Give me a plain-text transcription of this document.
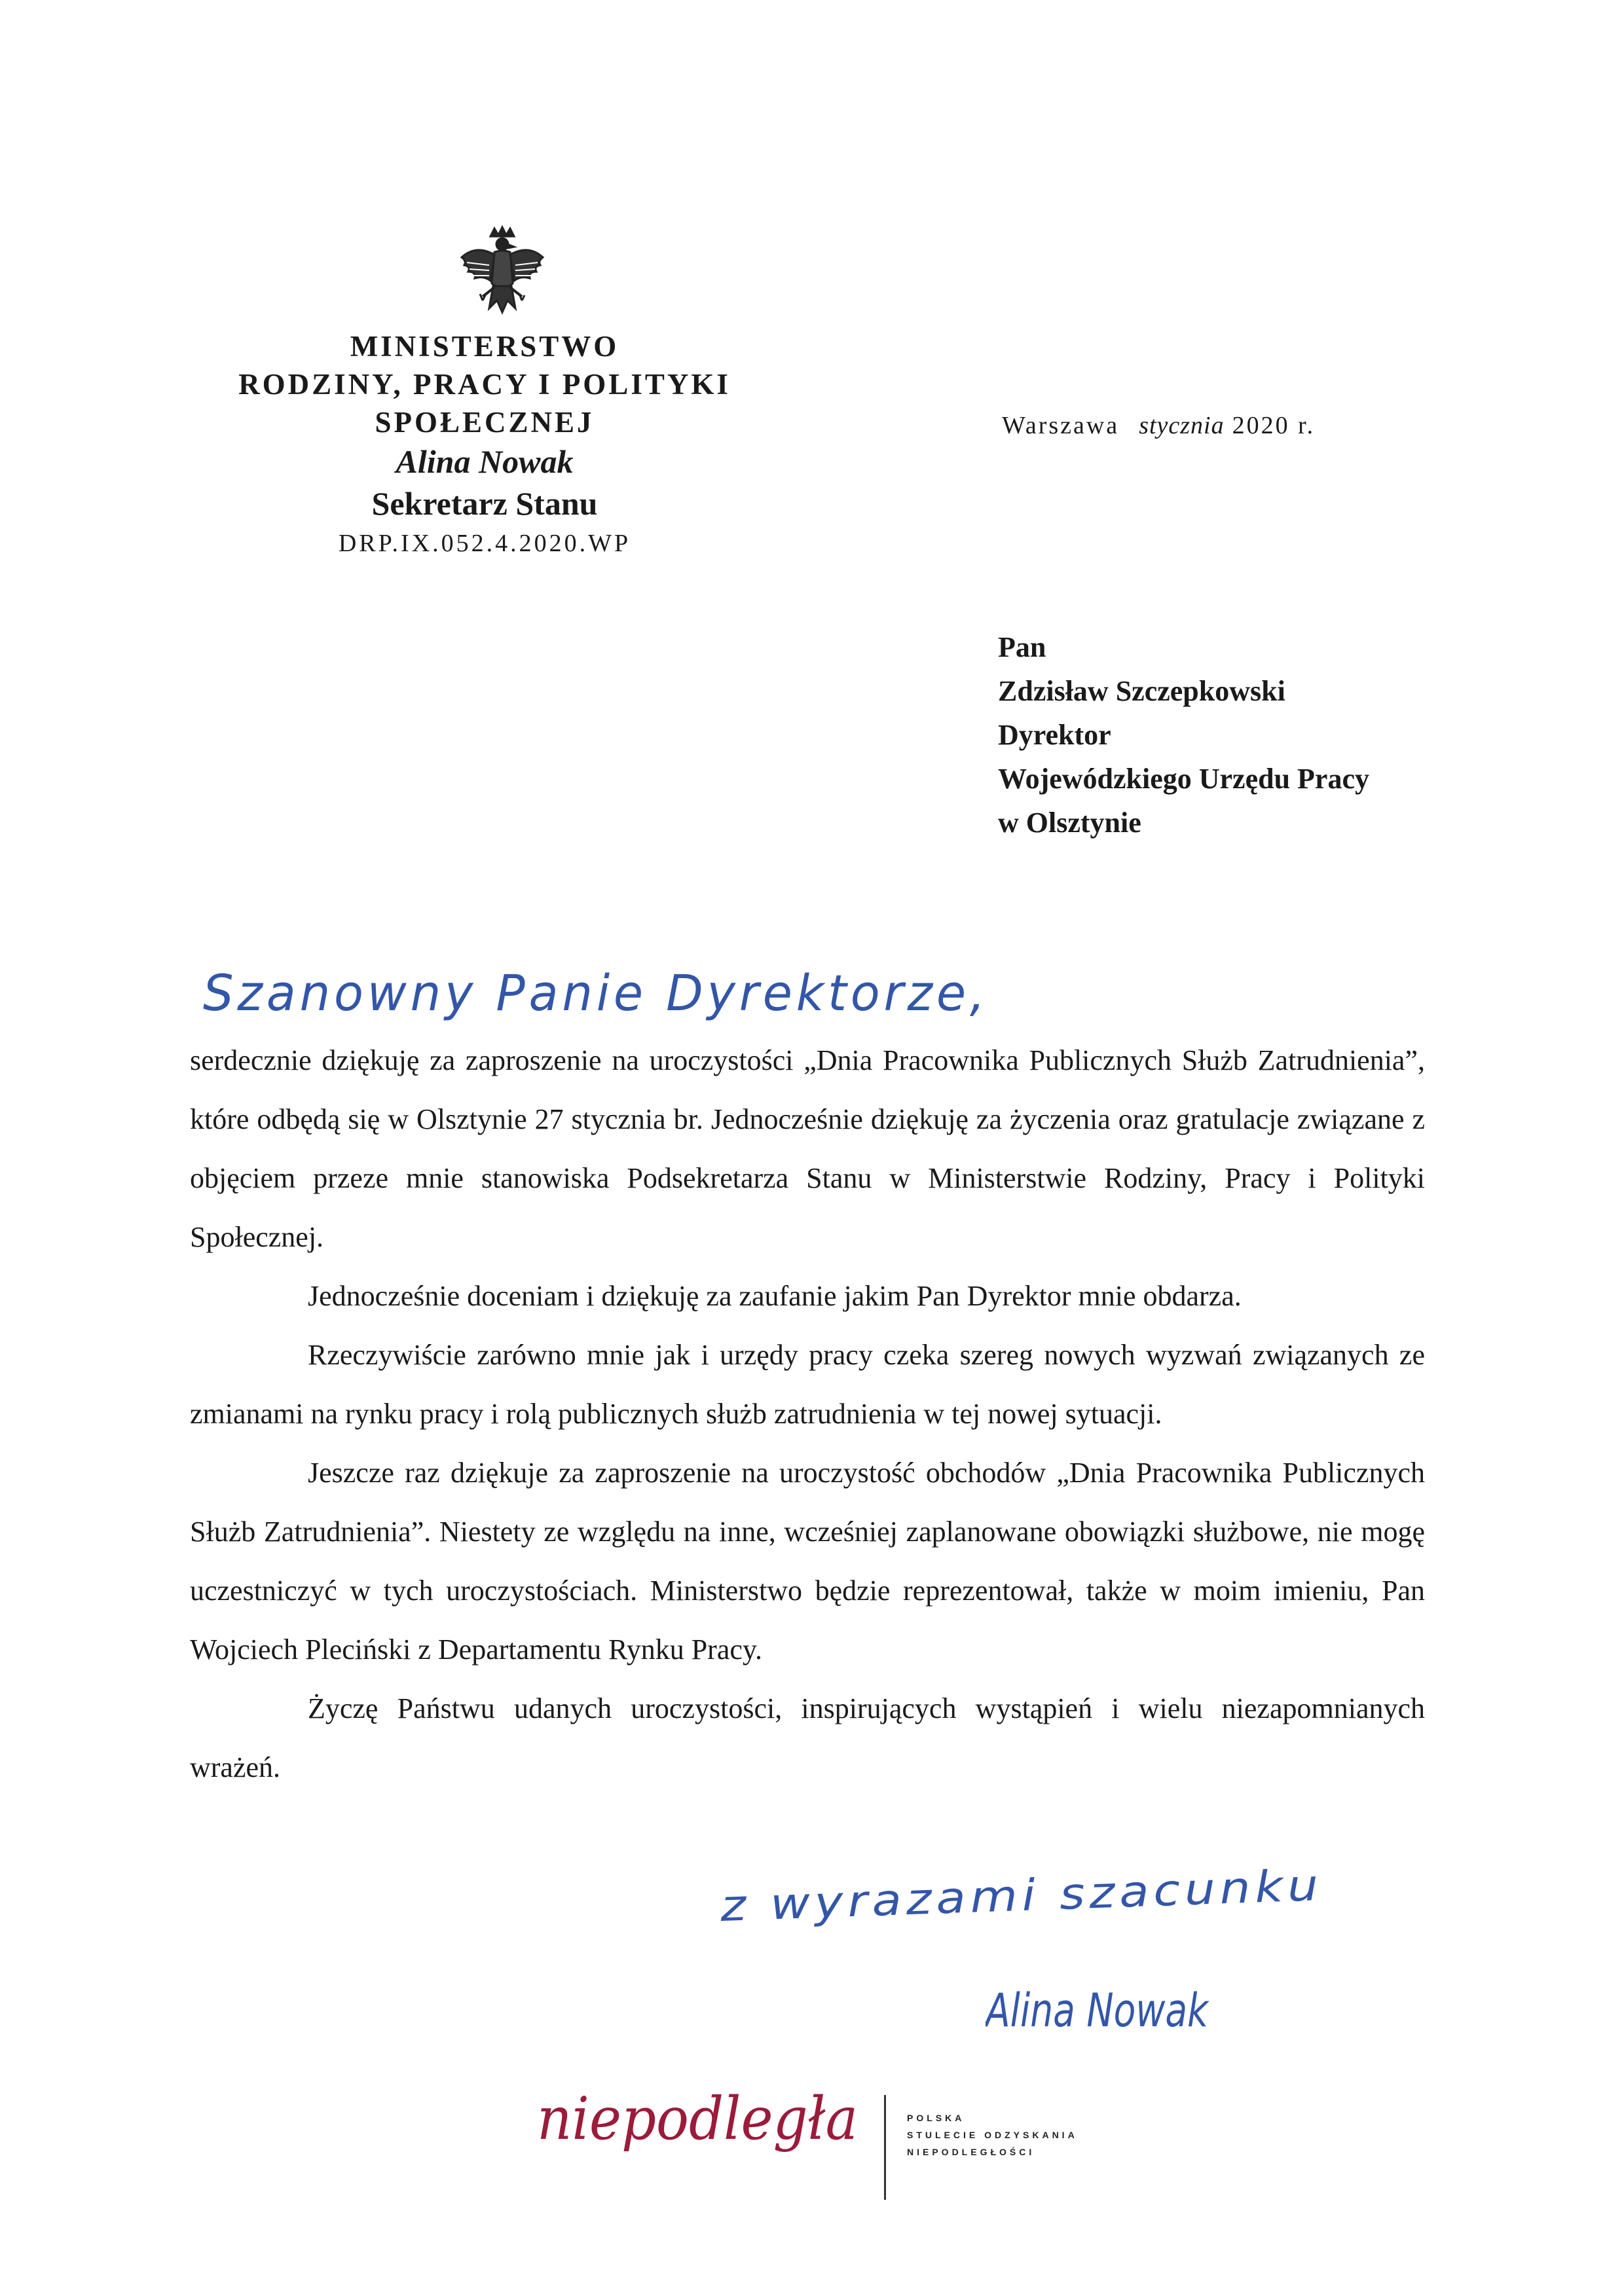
MINISTERSTWO
RODZINY, PRACY I POLITYKI SPOŁECZNEJ
Alina Nowak
Sekretarz Stanu
DRP.IX.052.4.2020.WP
Warszawa stycznia 2020 r.
Pan
Zdzisław Szczepkowski
Dyrektor
Wojewódzkiego Urzędu Pracy
w Olsztynie
Szanowny Panie Dyrektorze,

serdecznie dziękuję za zaproszenie na uroczystości „Dnia Pracownika Publicznych Służb Zatrudnienia”, które odbędą się w Olsztynie 27 stycznia br. Jednocześnie dziękuję za życzenia oraz gratulacje związane z objęciem przeze mnie stanowiska Podsekretarza Stanu w Ministerstwie Rodziny, Pracy i Polityki Społecznej.

Jednocześnie doceniam i dziękuję za zaufanie jakim Pan Dyrektor mnie obdarza.

Rzeczywiście zarówno mnie jak i urzędy pracy czeka szereg nowych wyzwań związanych ze zmianami na rynku pracy i rolą publicznych służb zatrudnienia w tej nowej sytuacji.

Jeszcze raz dziękuje za zaproszenie na uroczystość obchodów „Dnia Pracownika Publicznych Służb Zatrudnienia”. Niestety ze względu na inne, wcześniej zaplanowane obowiązki służbowe, nie mogę uczestniczyć w tych uroczystościach. Ministerstwo będzie reprezentował, także w moim imieniu, Pan Wojciech Pleciński z Departamentu Rynku Pracy.

Życzę Państwu udanych uroczystości, inspirujących wystąpień i wielu niezapomnianych wrażeń.

z wyrazami szacunku
Alina Nowak
niepodległa	POLSKA
STULECIE ODZYSKANIA
NIEPODLEGŁOŚCI
